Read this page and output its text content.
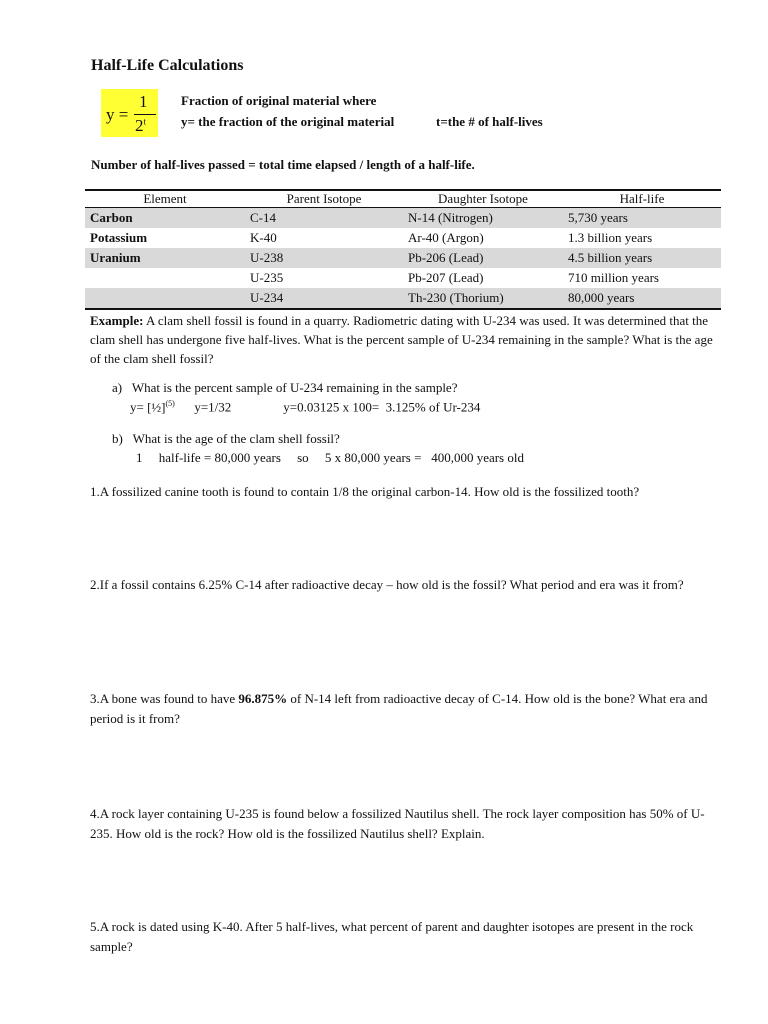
Half-Life Calculations
y =
1
2$^t$
Fraction of original material where
y= the fraction of the original material	t=the # of half-lives
Number of half-lives passed = total time elapsed / length of a half-life.
Element	Parent Isotope	Daughter Isotope	Half-life
Carbon	C-14	N-14 (Nitrogen)	5,730 years
Potassium	K-40	Ar-40 (Argon)	1.3 billion years
Uranium	U-238	Pb-206 (Lead)	4.5 billion years
	U-235	Pb-207 (Lead)	710 million years
	U-234	Th-230 (Thorium)	80,000 years
Example: A clam shell fossil is found in a quarry. Radiometric dating with U-234 was used. It was determined that the clam shell has undergone five half-lives. What is the percent sample of U-234 remaining in the sample? What is the age of the clam shell fossil?
a) What is the percent sample of U-234 remaining in the sample?
y= [½]$^{(5)}$      y=1/32                y=0.03125 x 100=  3.125% of Ur-234
b) What is the age of the clam shell fossil?
1     half-life = 80,000 years     so     5 x 80,000 years =   400,000 years old
1.A fossilized canine tooth is found to contain 1/8 the original carbon-14. How old is the fossilized tooth?
2.If a fossil contains 6.25% C-14 after radioactive decay – how old is the fossil? What period and era was it from?
3.A bone was found to have 96.875% of N-14 left from radioactive decay of C-14. How old is the bone? What era and period is it from?
4.A rock layer containing U-235 is found below a fossilized Nautilus shell. The rock layer composition has 50% of U-235. How old is the rock? How old is the fossilized Nautilus shell? Explain.
5.A rock is dated using K-40. After 5 half-lives, what percent of parent and daughter isotopes are present in the rock sample?
